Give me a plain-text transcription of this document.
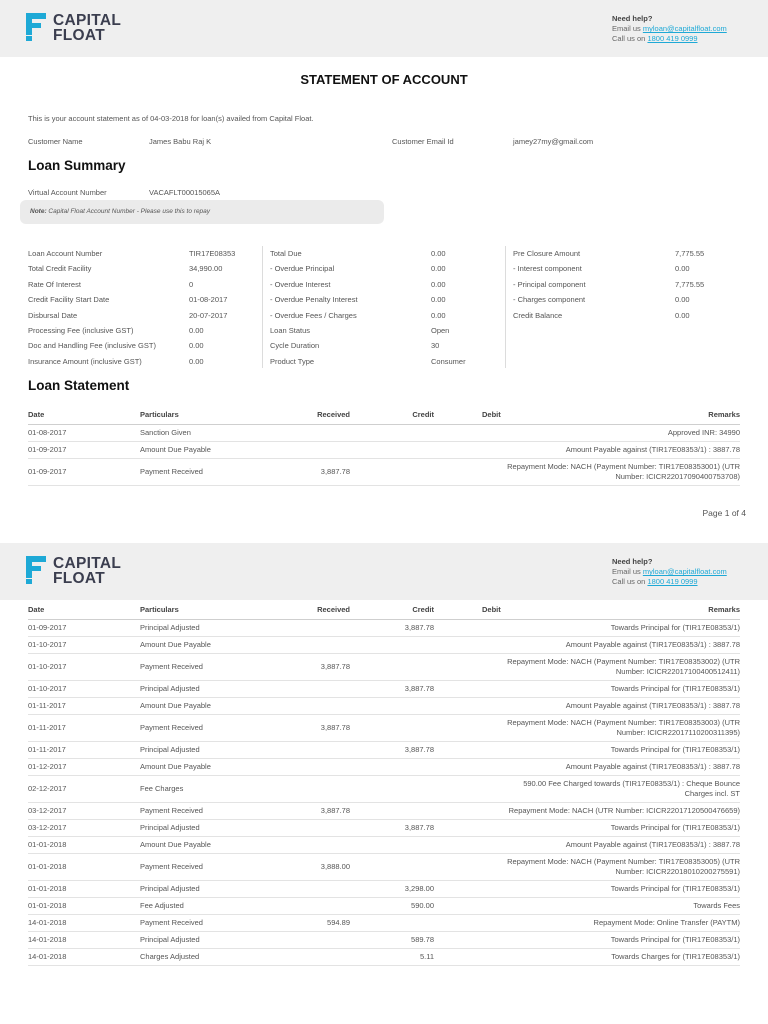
CAPITAL
FLOAT
Need help?
Email us myloan@capitalfloat.com
Call us on 1800 419 0999
STATEMENT OF ACCOUNT
This is your account statement as of 04-03-2018 for loan(s) availed from Capital Float.
Customer Name	James Babu Raj K	Customer Email Id	jamey27my@gmail.com
Loan Summary
Virtual Account Number	VACAFLT00015065A
Note: Capital Float Account Number - Please use this to repay
Loan Account Number	TIR17E08353
Total Credit Facility	34,990.00
Rate Of Interest	0
Credit Facility Start Date	01-08-2017
Disbursal Date	20-07-2017
Processing Fee (inclusive GST)	0.00
Doc and Handling Fee (inclusive GST)	0.00
Insurance Amount (inclusive GST)	0.00
Total Due	0.00
- Overdue Principal	0.00
- Overdue Interest	0.00
- Overdue Penalty Interest	0.00
- Overdue Fees / Charges	0.00
Loan Status	Open
Cycle Duration	30
Product Type	Consumer
Pre Closure Amount	7,775.55
- Interest component	0.00
- Principal component	7,775.55
- Charges component	0.00
Credit Balance	0.00
Loan Statement
Date	Particulars	Received	Credit	Debit	Remarks
01-08-2017	Sanction Given				Approved INR: 34990
01-09-2017	Amount Due Payable				Amount Payable against (TIR17E08353/1) : 3887.78
01-09-2017	Payment Received	3,887.78			Repayment Mode: NACH (Payment Number: TIR17E08353001) (UTR Number: ICICR22017090400753708)
Page 1 of 4
CAPITAL
FLOAT
Need help?
Email us myloan@capitalfloat.com
Call us on 1800 419 0999
Date	Particulars	Received	Credit	Debit	Remarks
01-09-2017	Principal Adjusted		3,887.78		Towards Principal for (TIR17E08353/1)
01-10-2017	Amount Due Payable				Amount Payable against (TIR17E08353/1) : 3887.78
01-10-2017	Payment Received	3,887.78			Repayment Mode: NACH (Payment Number: TIR17E08353002) (UTR Number: ICICR22017100400512411)
01-10-2017	Principal Adjusted		3,887.78		Towards Principal for (TIR17E08353/1)
01-11-2017	Amount Due Payable				Amount Payable against (TIR17E08353/1) : 3887.78
01-11-2017	Payment Received	3,887.78			Repayment Mode: NACH (Payment Number: TIR17E08353003) (UTR Number: ICICR22017110200311395)
01-11-2017	Principal Adjusted		3,887.78		Towards Principal for (TIR17E08353/1)
01-12-2017	Amount Due Payable				Amount Payable against (TIR17E08353/1) : 3887.78
02-12-2017	Fee Charges				590.00 Fee Charged towards (TIR17E08353/1) : Cheque Bounce Charges incl. ST
03-12-2017	Payment Received	3,887.78			Repayment Mode: NACH (UTR Number: ICICR22017120500476659)
03-12-2017	Principal Adjusted		3,887.78		Towards Principal for (TIR17E08353/1)
01-01-2018	Amount Due Payable				Amount Payable against (TIR17E08353/1) : 3887.78
01-01-2018	Payment Received	3,888.00			Repayment Mode: NACH (Payment Number: TIR17E08353005) (UTR Number: ICICR22018010200275591)
01-01-2018	Principal Adjusted		3,298.00		Towards Principal for (TIR17E08353/1)
01-01-2018	Fee Adjusted		590.00		Towards Fees
14-01-2018	Payment Received	594.89			Repayment Mode: Online Transfer (PAYTM)
14-01-2018	Principal Adjusted		589.78		Towards Principal for (TIR17E08353/1)
14-01-2018	Charges Adjusted		5.11		Towards Charges for (TIR17E08353/1)
